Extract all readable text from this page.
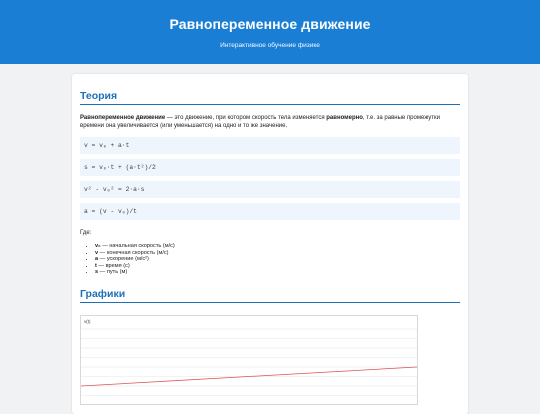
Равнопеременное движение
Интерактивное обучение физике
Теория

Равнопеременное движение — это движение, при котором скорость тела изменяется равномерно, т.е. за равные промежутки времени она увеличивается (или уменьшается) на одно и то же значение.

v = v₀ + a·t
s = v₀·t + (a·t²)/2
v² - v₀² = 2·a·s
a = (v - v₀)/t
Где:
• v₀ — начальная скорость (м/с)
• v — конечная скорость (м/с)
• a — ускорение (м/с²)
• t — время (с)
• s — путь (м)
Графики
v(t)
